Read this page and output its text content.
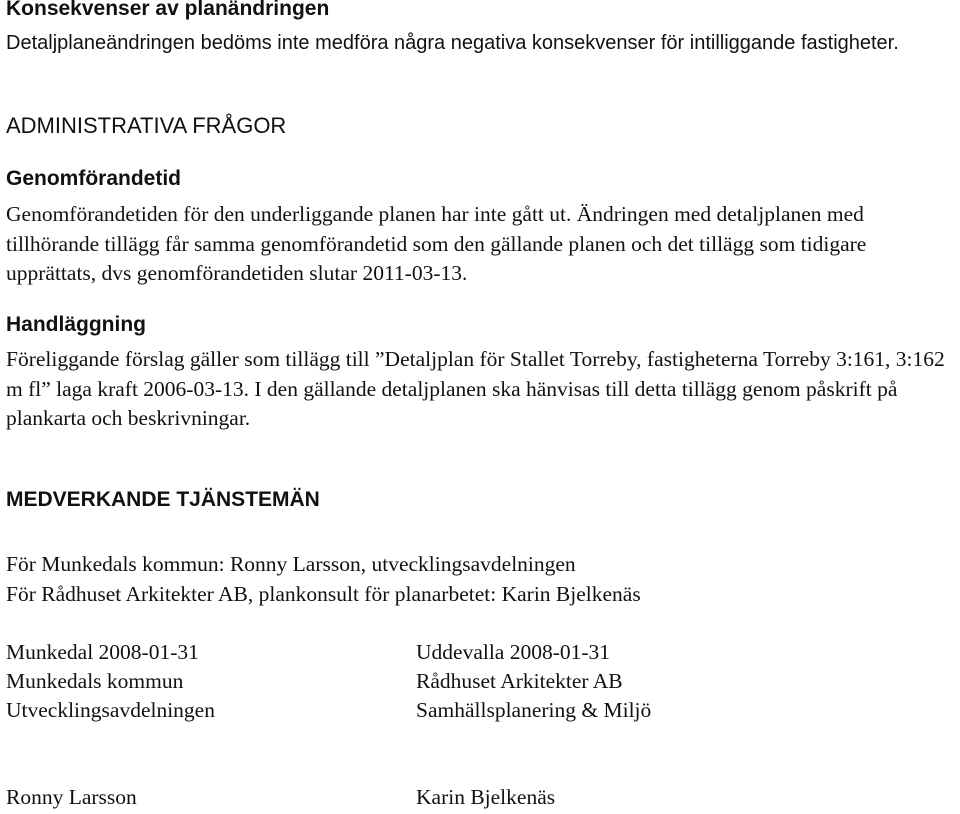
Konsekvenser av planändringen

Detaljplaneändringen bedöms inte medföra några negativa konsekvenser för intilliggande fastigheter.

ADMINISTRATIVA FRÅGOR
Genomförandetid

Genomförandetiden för den underliggande planen har inte gått ut. Ändringen med detaljplanen med tillhörande tillägg får samma genomförandetid som den gällande planen och det tillägg som tidigare upprättats, dvs genomförandetiden slutar 2011-03-13.

Handläggning

Föreliggande förslag gäller som tillägg till ”Detaljplan för Stallet Torreby, fastigheterna Torreby 3:161, 3:162 m fl” laga kraft 2006-03-13. I den gällande detaljplanen ska hänvisas till detta tillägg genom påskrift på plankarta och beskrivningar.

MEDVERKANDE TJÄNSTEMÄN
För Munkedals kommun: Ronny Larsson, utvecklingsavdelningen
För Rådhuset Arkitekter AB, plankonsult för planarbetet: Karin Bjelkenäs
Munkedal 2008-01-31
Munkedals kommun
Utvecklingsavdelningen
Ronny Larsson
Uddevalla 2008-01-31
Rådhuset Arkitekter AB
Samhällsplanering & Miljö
Karin Bjelkenäs
